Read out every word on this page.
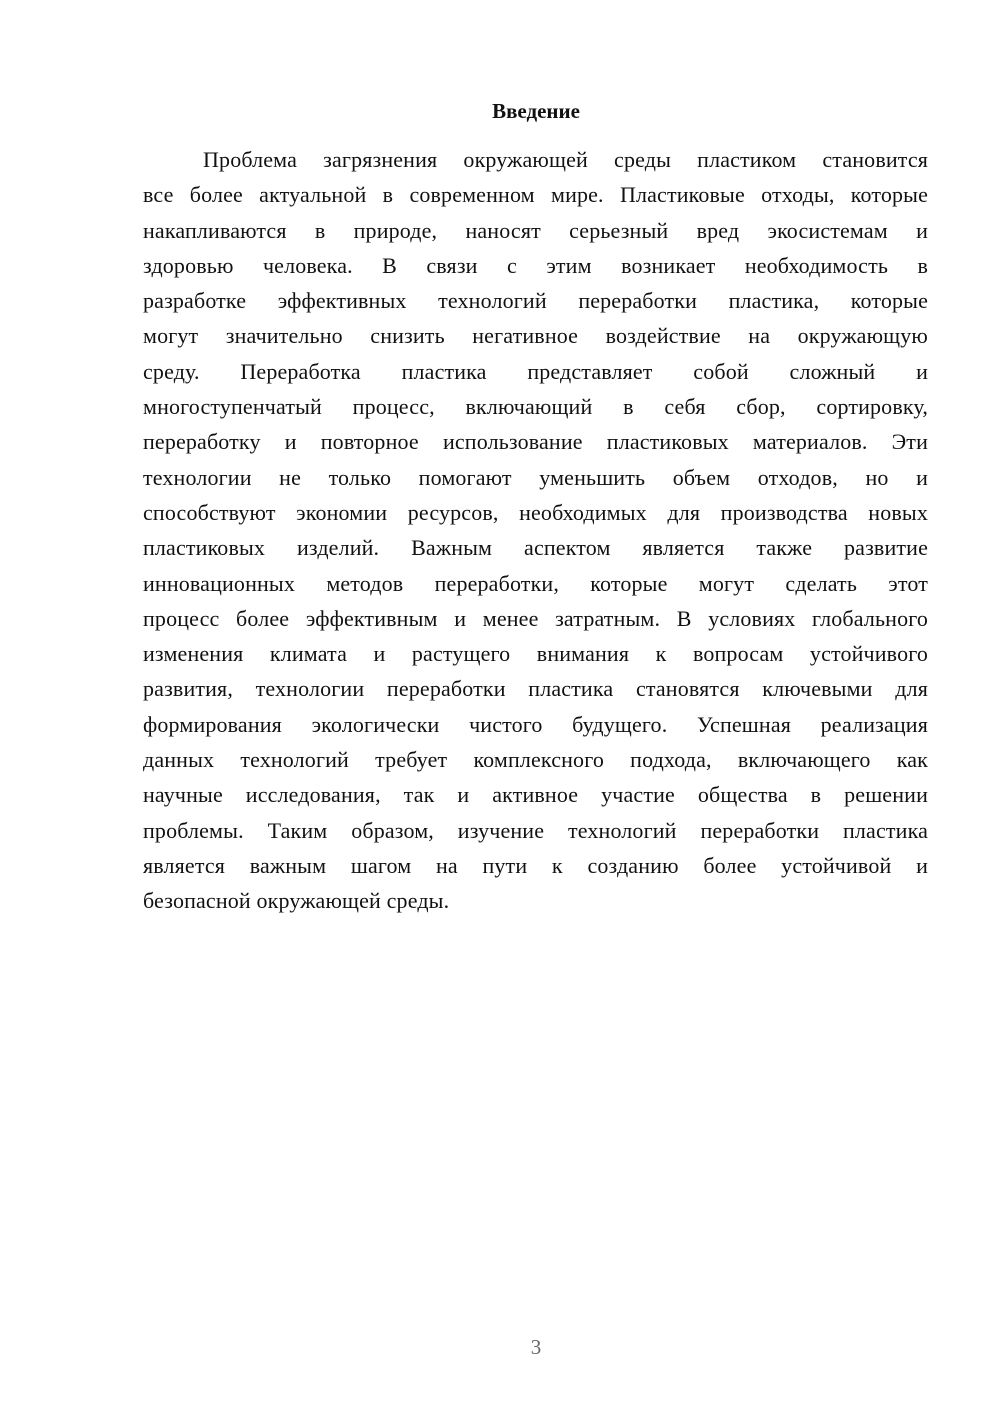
Введение
Проблема загрязнения окружающей среды пластиком становится
все более актуальной в современном мире. Пластиковые отходы, которые
накапливаются в природе, наносят серьезный вред экосистемам и
здоровью человека. В связи с этим возникает необходимость в
разработке эффективных технологий переработки пластика, которые
могут значительно снизить негативное воздействие на окружающую
среду. Переработка пластика представляет собой сложный и
многоступенчатый процесс, включающий в себя сбор, сортировку,
переработку и повторное использование пластиковых материалов. Эти
технологии не только помогают уменьшить объем отходов, но и
способствуют экономии ресурсов, необходимых для производства новых
пластиковых изделий. Важным аспектом является также развитие
инновационных методов переработки, которые могут сделать этот
процесс более эффективным и менее затратным. В условиях глобального
изменения климата и растущего внимания к вопросам устойчивого
развития, технологии переработки пластика становятся ключевыми для
формирования экологически чистого будущего. Успешная реализация
данных технологий требует комплексного подхода, включающего как
научные исследования, так и активное участие общества в решении
проблемы. Таким образом, изучение технологий переработки пластика
является важным шагом на пути к созданию более устойчивой и
безопасной окружающей среды.
3
